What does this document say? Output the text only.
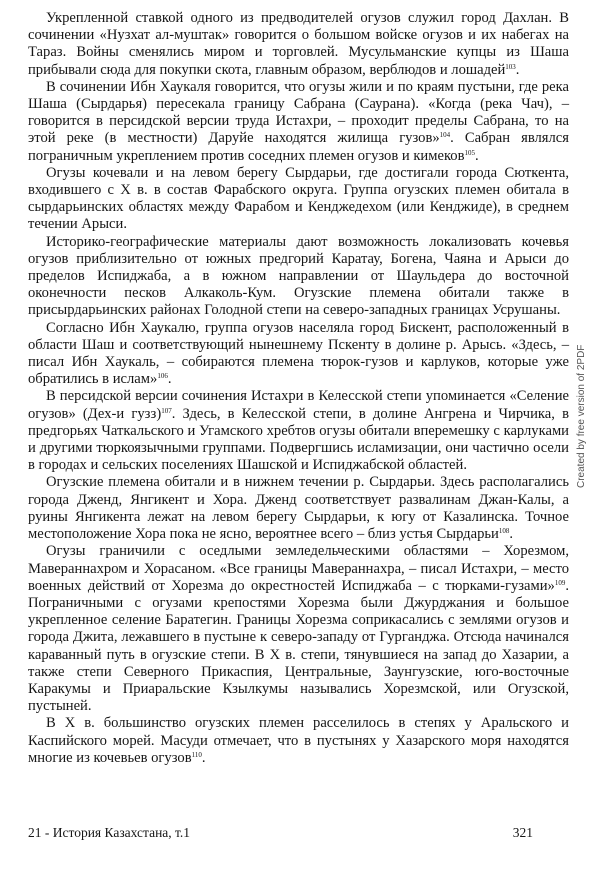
Укрепленной ставкой одного из предводителей огузов служил город Дахлан. В сочинении «Нузхат ал-муштак» говорится о большом войске огузов и их набегах на Тараз. Войны сменялись миром и торговлей. Мусульманские купцы из Шаша прибывали сюда для покупки скота, главным образом, верблюдов и лошадей$^{103}$.

В сочинении Ибн Хаукаля говорится, что огузы жили и по краям пустыни, где река Шаша (Сырдарья) пересекала границу Сабрана (Саурана). «Когда (река Чач), – говорится в персидской версии труда Истахри, – проходит пределы Сабрана, то на этой реке (в местности) Даруйе находятся жилища гузов»$^{104}$. Сабран являлся пограничным укреплением против соседних племен огузов и кимеков$^{105}$.

Огузы кочевали и на левом берегу Сырдарьи, где достигали города Сюткента, входившего с Х в. в состав Фарабского округа. Группа огузских племен обитала в сырдарьинских областях между Фарабом и Кенджедехом (или Кенджиде), в среднем течении Арыси.

Историко-географические материалы дают возможность локализовать кочевья огузов приблизительно от южных предгорий Каратау, Богена, Чаяна и Арыси до пределов Испиджаба, а в южном направлении от Шаульдера до восточной оконечности песков Алкаколь-Кум. Огузские племена обитали также в присырдарьинских районах Голодной степи на северо-западных границах Усрушаны.

Согласно Ибн Хаукалю, группа огузов населяла город Бискент, расположенный в области Шаш и соответствующий нынешнему Пскенту в долине р. Арысь. «Здесь, – писал Ибн Хаукаль, – собираются племена тюрок-гузов и карлуков, которые уже обратились в ислам»$^{106}$.

В персидской версии сочинения Истахри в Келесской степи упоминается «Селение огузов» (Дех-и гузз)$^{107}$. Здесь, в Келесской степи, в долине Ангрена и Чирчика, в предгорьях Чаткальского и Угамского хребтов огузы обитали вперемешку с карлуками и другими тюркоязычными группами. Подвергшись исламизации, они частично осели в городах и сельских поселениях Шашской и Испиджабской областей.

Огузские племена обитали и в нижнем течении р. Сырдарьи. Здесь располагались города Дженд, Янгикент и Хора. Дженд соответствует развалинам Джан-Калы, а руины Янгикента лежат на левом берегу Сырдарьи, к югу от Казалинска. Точное местоположение Хора пока не ясно, вероятнее всего – близ устья Сырдарьи$^{108}$.

Огузы граничили с оседлыми земледельческими областями – Хорезмом, Мавераннахром и Хорасаном. «Все границы Мавераннахра, – писал Истахри, – место военных действий от Хорезма до окрестностей Испиджаба – с тюрками-гузами»$^{109}$. Пограничными с огузами крепостями Хорезма были Джурджания и большое укрепленное селение Баратегин. Границы Хорезма соприкасались с землями огузов и города Джита, лежавшего в пустыне к северо-западу от Гурганджа. Отсюда начинался караванный путь в огузские степи. В Х в. степи, тянувшиеся на запад до Хазарии, а также степи Северного Прикаспия, Центральные, Заунгузские, юго-восточные Каракумы и Приаральские Кзылкумы назывались Хорезмской, или Огузской, пустыней.

В Х в. большинство огузских племен расселилось в степях у Аральского и Каспийского морей. Масуди отмечает, что в пустынях у Хазарского моря находятся многие из кочевьев огузов$^{110}$.

21 - История Казахстана, т.1	321
Created by free version of 2PDF
